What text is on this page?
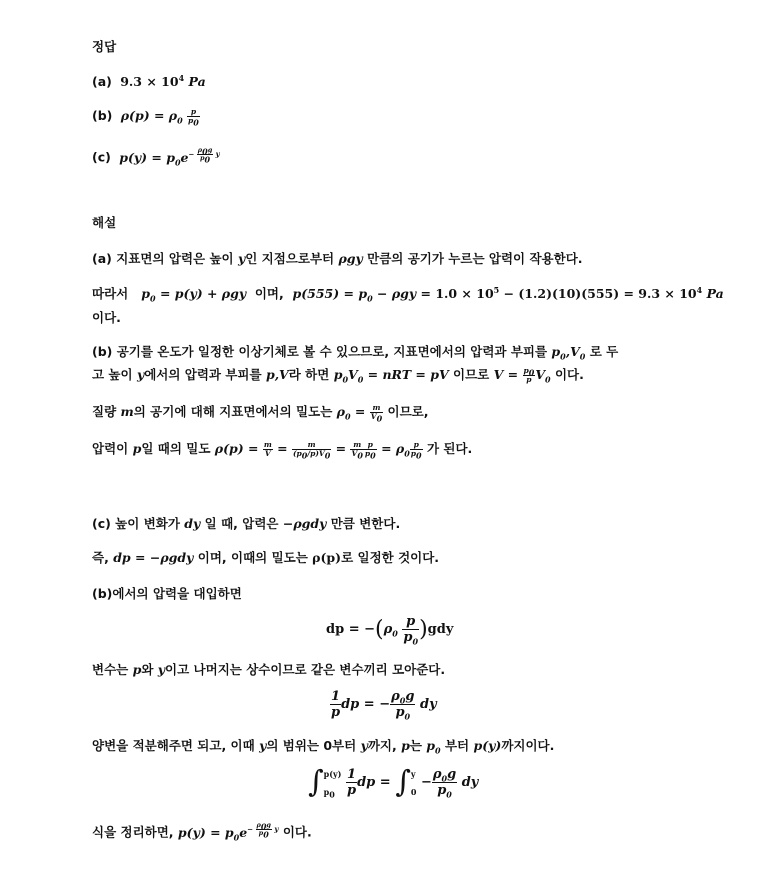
정답
(a) $9.3 \times 10^4$ Pa
(b) $\rho(p) = \rho_0 \frac{p}{p_0}$
(c) $p(y) = p_0e- \frac{\rho_0g}{p_0}$ y
해설
(a) 지표면의 압력은 높이 y인 지점으로부터 ρgy 만큼의 공기가 누르는 압력이 작용한다.
따라서 $p_0 = p(y) + \rho gy$ 이며, $p(555) = p_0 - \rho gy = 1.0 \times 10^5 - (1.2)(10)(555) = 9.3 \times 10^4$ Pa
이다.
(b) 공기를 온도가 일정한 이상기체로 볼 수 있으므로, 지표면에서의 압력과 부피를 $p_0,V_0$ 로 두
고 높이 y에서의 압력과 부피를 p,V라 하면 $p_0V_0$ = nRT = pV 이므로 $V = \frac{p_0}{p} V_0$ 이다.
질량 m의 공기에 대해 지표면에서의 밀도는 $\rho_0 = \frac{m}{V_0}$ 이므로,
압력이 p일 때의 밀도 $\rho(p) = \frac{m}{V} = \frac{m}{(p_0/p)V_0} = \frac{m}{V_0} \frac{p}{p_0} = \rho_0 \frac{p}{p_0}$ 가 된다.
(c) 높이 변화가 dy 일 때, 압력은 −ρgdy 만큼 변한다.
즉, dp = −ρgdy 이며, 이때의 밀도는 ρ(p)로 일정한 것이다.
(b)에서의 압력을 대입하면
dp = $-(\rho_0 \frac{p}{p_0} )gdy$
변수는 p와 y이고 나머지는 상수이므로 같은 변수끼리 모아준다.
$\frac{1}{p}$ dp = − $\frac{\rho_0g}{p_0}$ dy
양변을 적분해주면 되고, 이때 y의 범위는 0부터 y까지, p는 $p_0$ 부터 p(y)까지이다.
∫ p(y)
$p_0$
$\frac{1}{p}$ dp = ∫ y
0
− $\frac{\rho_0g}{p_0}$ dy
식을 정리하면, $p(y) = p_0e- \frac{\rho_0g}{p_0}$ y 이다.
